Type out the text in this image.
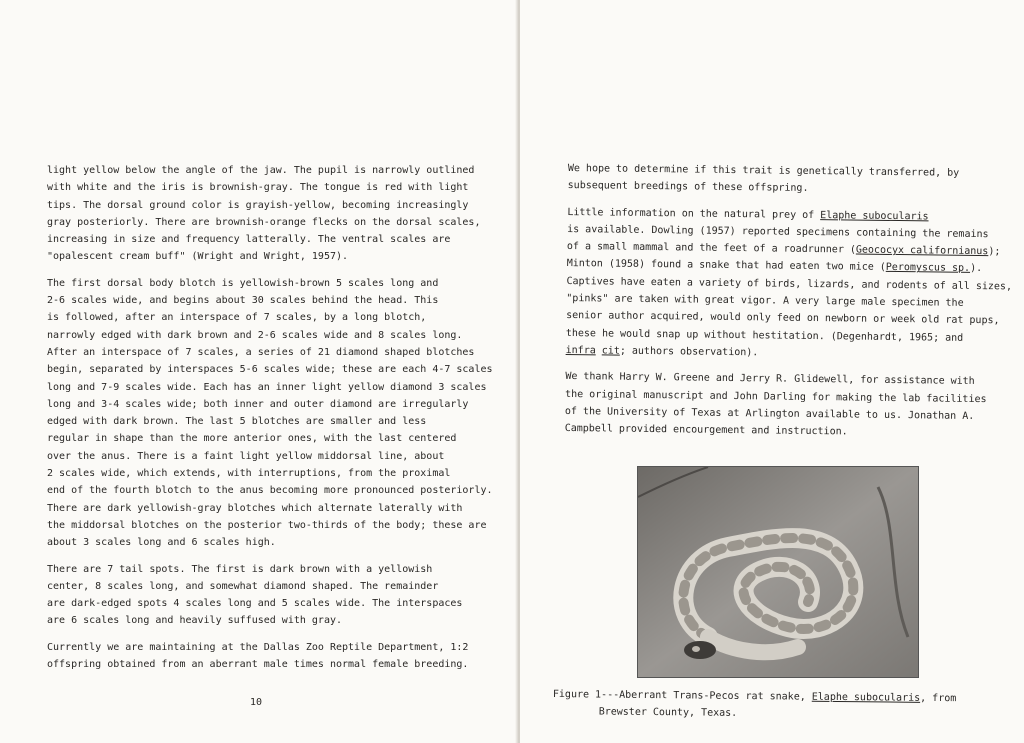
light yellow below the angle of the jaw. The pupil is narrowly outlined
with white and the iris is brownish-gray. The tongue is red with light
tips. The dorsal ground color is grayish-yellow, becoming increasingly
gray posteriorly. There are brownish-orange flecks on the dorsal scales,
increasing in size and frequency latterally. The ventral scales are
"opalescent cream buff" (Wright and Wright, 1957).
The first dorsal body blotch is yellowish-brown 5 scales long and
2-6 scales wide, and begins about 30 scales behind the head. This
is followed, after an interspace of 7 scales, by a long blotch,
narrowly edged with dark brown and 2-6 scales wide and 8 scales long.
After an interspace of 7 scales, a series of 21 diamond shaped blotches
begin, separated by interspaces 5-6 scales wide; these are each 4-7 scales
long and 7-9 scales wide. Each has an inner light yellow diamond 3 scales
long and 3-4 scales wide; both inner and outer diamond are irregularly
edged with dark brown. The last 5 blotches are smaller and less
regular in shape than the more anterior ones, with the last centered
over the anus. There is a faint light yellow middorsal line, about
2 scales wide, which extends, with interruptions, from the proximal
end of the fourth blotch to the anus becoming more pronounced posteriorly.
There are dark yellowish-gray blotches which alternate laterally with
the middorsal blotches on the posterior two-thirds of the body; these are
about 3 scales long and 6 scales high.
There are 7 tail spots. The first is dark brown with a yellowish
center, 8 scales long, and somewhat diamond shaped. The remainder
are dark-edged spots 4 scales long and 5 scales wide. The interspaces
are 6 scales long and heavily suffused with gray.
Currently we are maintaining at the Dallas Zoo Reptile Department, 1:2
offspring obtained from an aberrant male times normal female breeding.
10
We hope to determine if this trait is genetically transferred, by
subsequent breedings of these offspring.
Little information on the natural prey of Elaphe subocularis
is available. Dowling (1957) reported specimens containing the remains
of a small mammal and the feet of a roadrunner (Geococyx californianus);
Minton (1958) found a snake that had eaten two mice (Peromyscus sp.).
Captives have eaten a variety of birds, lizards, and rodents of all sizes,
"pinks" are taken with great vigor. A very large male specimen the
senior author acquired, would only feed on newborn or week old rat pups,
these he would snap up without hestitation. (Degenhardt, 1965; and
infra cit; authors observation).
We thank Harry W. Greene and Jerry R. Glidewell, for assistance with
the original manuscript and John Darling for making the lab facilities
of the University of Texas at Arlington available to us. Jonathan A.
Campbell provided encourgement and instruction.
Figure 1---Aberrant Trans-Pecos rat snake, Elaphe subocularis, from
Brewster County, Texas.
